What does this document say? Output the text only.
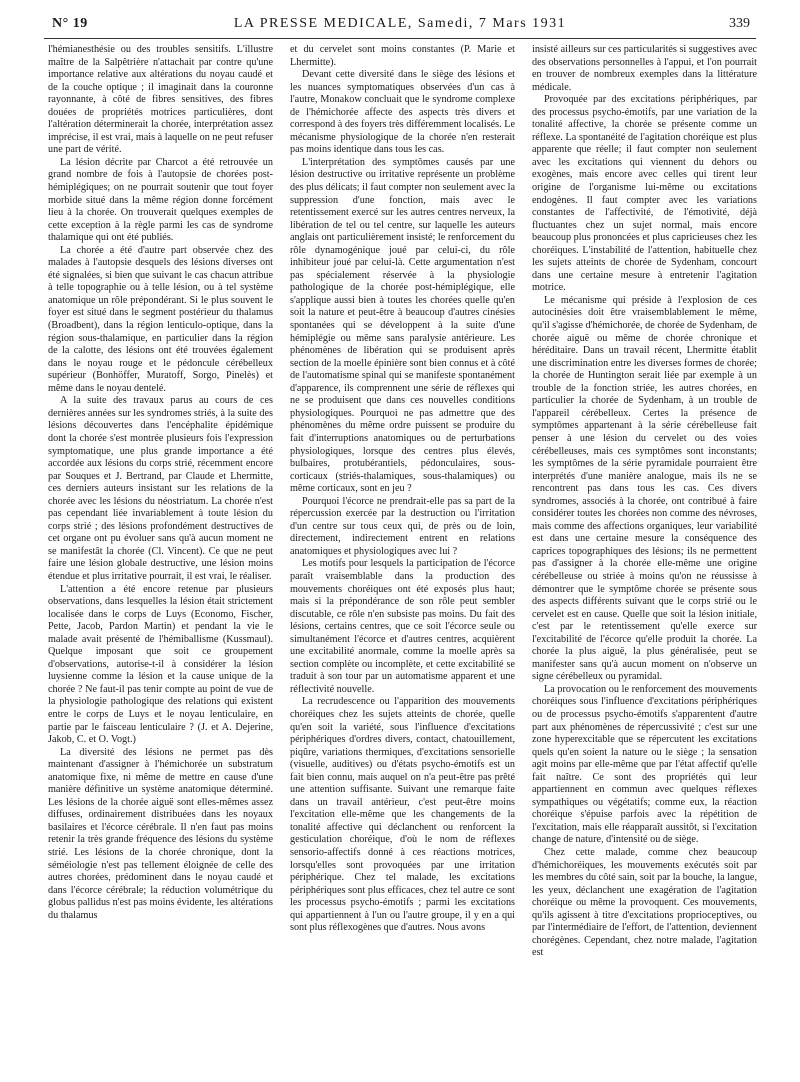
N° 19	LA PRESSE MEDICALE, Samedi, 7 Mars 1931	339

l'hémianesthésie ou des troubles sensitifs. L'illustre maître de la Salpêtrière n'attachait par contre qu'une importance relative aux altérations du noyau caudé et de la couche optique ; il imaginait dans la couronne rayonnante, à côté de fibres sensitives, des fibres douées de propriétés motrices particulières, dont l'altération déterminerait la chorée, interprétation assez imprécise, il est vrai, mais à laquelle on ne peut refuser une part de vérité.

La lésion décrite par Charcot a été retrouvée un grand nombre de fois à l'autopsie de chorées post-hémiplégiques; on ne pourrait soutenir que tout foyer morbide situé dans la même région donne forcément lieu à la chorée. On trouverait quelques exemples de cette exception à la règle parmi les cas de syndrome thalamique qui ont été publiés.

La chorée a été d'autre part observée chez des malades à l'autopsie desquels des lésions diverses ont été signalées, si bien que suivant le cas chacun attribue à telle topographie ou à telle lésion, ou à tel système anatomique un rôle prépondérant. Si le plus souvent le foyer est situé dans le segment postérieur du thalamus (Broadbent), dans la région lenticulo-optique, dans la région sous-thalamique, en particulier dans la région de la calotte, des lésions ont été trouvées également dans le noyau rouge et le pédoncule cérébelleux supérieur (Bonhöffer, Muratoff, Sorgo, Pinelès) et même dans le noyau dentelé.

A la suite des travaux parus au cours de ces dernières années sur les syndromes striés, à la suite des lésions découvertes dans l'encéphalite épidémique dont la chorée s'est montrée plusieurs fois l'expression symptomatique, une plus grande importance a été accordée aux lésions du corps strié, récemment encore par Souques et J. Bertrand, par Claude et Lhermitte, ces derniers auteurs insistant sur les relations de la chorée avec les lésions du néostriatum. La chorée n'est pas cependant liée invariablement à toute lésion du corps strié ; des lésions profondément destructives de cet organe ont pu évoluer sans qu'à aucun moment ne se manifestât la chorée (Cl. Vincent). Ce que ne peut faire une lésion globale destructive, une lésion moins étendue et plus irritative pourrait, il est vrai, le réaliser.

L'attention a été encore retenue par plusieurs observations, dans lesquelles la lésion était strictement localisée dans le corps de Luys (Economo, Fischer, Pette, Jacob, Pardon Martin) et pendant la vie le malade avait présenté de l'hémiballisme (Kussmaul). Quelque imposant que soit ce groupement d'observations, autorise-t-il à considérer la lésion luysienne comme la lésion et la cause unique de la chorée ? Ne faut-il pas tenir compte au point de vue de la physiologie pathologique des relations qui existent entre le corps de Luys et le noyau lenticulaire, en partie par le faisceau lenticulaire ? (J. et A. Dejerine, Jakob, C. et O. Vogt.)

La diversité des lésions ne permet pas dès maintenant d'assigner à l'hémichorée un substratum anatomique fixe, ni même de mettre en cause d'une manière définitive un système anatomique déterminé. Les lésions de la chorée aiguë sont elles-mêmes assez diffuses, ordinairement distribuées dans les noyaux basilaires et l'écorce cérébrale. Il n'en faut pas moins retenir la très grande fréquence des lésions du système strié. Les lésions de la chorée chronique, dont la séméiologie n'est pas tellement éloignée de celle des autres chorées, prédominent dans le noyau caudé et dans l'écorce cérébrale; la réduction volumétrique du globus pallidus n'est pas moins évidente, les altérations du thalamus

et du cervelet sont moins constantes (P. Marie et Lhermitte).

Devant cette diversité dans le siège des lésions et les nuances symptomatiques observées d'un cas à l'autre, Monakow concluait que le syndrome complexe de l'hémichorée affecte des aspects très divers et correspond à des foyers très différemment localisés. Le mécanisme physiologique de la chorée n'en resterait pas moins identique dans tous les cas.

L'interprétation des symptômes causés par une lésion destructive ou irritative représente un problème des plus délicats; il faut compter non seulement avec la suppression d'une fonction, mais avec le retentissement exercé sur les autres centres nerveux, la libération de tel ou tel centre, sur laquelle les auteurs anglais ont particulièrement insisté; le renforcement du rôle dynamogénique joué par celui-ci, du rôle inhibiteur joué par celui-là. Cette argumentation n'est pas spécialement réservée à la physiologie pathologique de la chorée post-hémiplégique, elle s'applique aussi bien à toutes les chorées quelle qu'en soit la nature et peut-être à beaucoup d'autres cinésies spontanées qui se développent à la suite d'une hémiplégie ou même sans paralysie antérieure. Les phénomènes de libération qui se produisent après section de la moelle épinière sont bien connus et à côté de l'automatisme spinal qui se manifeste spontanément d'apparence, ils comprennent une série de réflexes qui ne se produisent que dans ces nouvelles conditions physiologiques. Pourquoi ne pas admettre que des phénomènes du même ordre puissent se produire du fait d'interruptions anatomiques ou de perturbations physiologiques, lorsque des centres plus élevés, bulbaires, protubérantiels, pédonculaires, sous-corticaux (striés-thalamiques, sous-thalamiques) ou même corticaux, sont en jeu ?

Pourquoi l'écorce ne prendrait-elle pas sa part de la répercussion exercée par la destruction ou l'irritation d'un centre sur tous ceux qui, de près ou de loin, directement, indirectement entrent en relations anatomiques et physiologiques avec lui ?

Les motifs pour lesquels la participation de l'écorce paraît vraisemblable dans la production des mouvements choréiques ont été exposés plus haut; mais si la prépondérance de son rôle peut sembler discutable, ce rôle n'en subsiste pas moins. Du fait des lésions, certains centres, que ce soit l'écorce seule ou simultanément l'écorce et d'autres centres, acquièrent une excitabilité anormale, comme la moelle après sa section complète ou incomplète, et cette excitabilité se traduit à son tour par un automatisme apparent et une réflectivité nouvelle.

La recrudescence ou l'apparition des mouvements choréiques chez les sujets atteints de chorée, quelle qu'en soit la variété, sous l'influence d'excitations périphériques d'ordres divers, contact, chatouillement, piqûre, variations thermiques, d'excitations sensorielle (visuelle, auditives) ou d'états psycho-émotifs est un fait bien connu, mais auquel on n'a peut-être pas prêté une attention suffisante. Suivant une remarque faite dans un travail antérieur, c'est peut-être moins l'excitation elle-même que les changements de la tonalité affective qui déclanchent ou renforcent la gesticulation choréique, d'où le nom de réflexes sensorio-affectifs donné à ces réactions motrices, lorsqu'elles sont provoquées par une irritation périphérique. Chez tel malade, les excitations périphériques sont plus efficaces, chez tel autre ce sont les processus psycho-émotifs ; parmi les excitations qui appartiennent à l'un ou l'autre groupe, il y en a qui sont plus réflexogènes que d'autres. Nous avons

insisté ailleurs sur ces particularités si suggestives avec des observations personnelles à l'appui, et l'on pourrait en trouver de nombreux exemples dans la littérature médicale.

Provoquée par des excitations périphériques, par des processus psycho-émotifs, par une variation de la tonalité affective, la chorée se présente comme un réflexe. La spontanéité de l'agitation choréique est plus apparente que réelle; il faut compter non seulement avec les excitations qui viennent du dehors ou exogènes, mais encore avec celles qui tirent leur origine de l'organisme lui-même ou excitations endogènes. Il faut compter avec les variations constantes de l'affectivité, de l'émotivité, déjà fluctuantes chez un sujet normal, mais encore beaucoup plus prononcées et plus capricieuses chez les choréiques. L'instabilité de l'attention, habituelle chez les sujets atteints de chorée de Sydenham, concourt dans une certaine mesure à entretenir l'agitation motrice.

Le mécanisme qui préside à l'explosion de ces autocinésies doit être vraisemblablement le même, qu'il s'agisse d'hémichorée, de chorée de Sydenham, de chorée aiguë ou même de chorée chronique et héréditaire. Dans un travail récent, Lhermitte établit une discrimination entre les diverses formes de chorée; la chorée de Huntington serait liée par exemple à un trouble de la fonction striée, les autres chorées, en particulier la chorée de Sydenham, à un trouble de l'appareil cérébelleux. Certes la présence de symptômes appartenant à la série cérébelleuse fait penser à une lésion du cervelet ou des voies cérébelleuses, mais ces symptômes sont inconstants; les symptômes de la série pyramidale pourraient être interprétés d'une manière analogue, mais ils ne se rencontrent pas dans tous les cas. Ces divers syndromes, associés à la chorée, ont contribué à faire considérer toutes les chorées non comme des névroses, mais comme des affections organiques, leur variabilité est dans une certaine mesure la conséquence des caprices topographiques des lésions; ils ne permettent pas d'assigner à la chorée elle-même une origine cérébelleuse ou striée à moins qu'on ne réussisse à démontrer que le symptôme chorée se présente sous des aspects différents suivant que le corps strié ou le cervelet est en cause. Quelle que soit la lésion initiale, c'est par le retentissement qu'elle exerce sur l'excitabilité de l'écorce qu'elle produit la chorée. La chorée la plus aiguë, la plus généralisée, peut se manifester sans qu'à aucun moment on n'observe un signe cérébelleux ou pyramidal.

La provocation ou le renforcement des mouvements choréiques sous l'influence d'excitations périphériques ou de processus psycho-émotifs s'apparentent d'autre part aux phénomènes de répercussivité ; c'est sur une zone hyperexcitable que se répercutent les excitations quels qu'en soient la nature ou le siège ; la sensation agit moins par elle-même que par l'état affectif qu'elle fait naître. Ce sont des propriétés qui leur appartiennent en commun avec quelques réflexes sympathiques ou végétatifs; comme eux, la réaction choréique s'épuise parfois avec la répétition de l'excitation, mais elle réapparaît aussitôt, si l'excitation change de nature, d'intensité ou de siège.

Chez cette malade, comme chez beaucoup d'hémichoréiques, les mouvements exécutés soit par les membres du côté sain, soit par la bouche, la langue, les yeux, déclanchent une exagération de l'agitation choréique ou même la provoquent. Ces mouvements, qu'ils agissent à titre d'excitations proprioceptives, ou par l'intermédiaire de l'effort, de l'attention, deviennent chorégènes. Cependant, chez notre malade, l'agitation est
